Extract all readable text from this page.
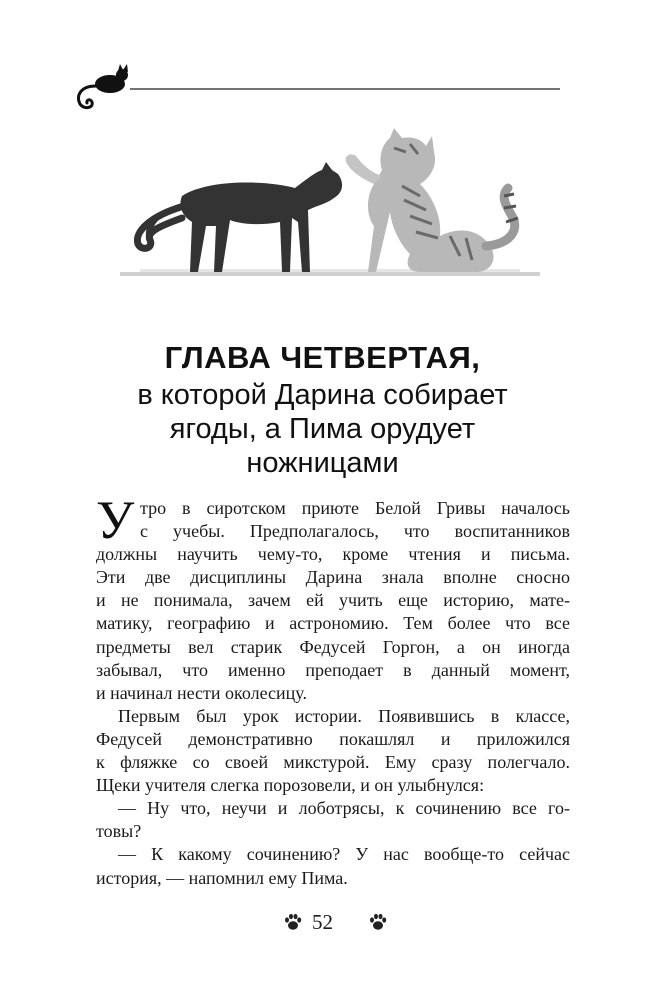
ГЛАВА ЧЕТВЕРТАЯ,
в которой Дарина собирает
ягоды, а Пима орудует
ножницами
У тро в сиротском приюте Белой Гривы началось
с учебы. Предполагалось, что воспитанников
должны научить чему-то, кроме чтения и письма.
Эти две дисциплины Дарина знала вполне сносно
и не понимала, зачем ей учить еще историю, мате-
матику, географию и астрономию. Тем более что все
предметы вел старик Федусей Горгон, а он иногда
забывал, что именно преподает в данный момент,
и начинал нести околесицу.
Первым был урок истории. Появившись в классе,
Федусей демонстративно покашлял и приложился
к фляжке со своей микстурой. Ему сразу полегчало.
Щеки учителя слегка порозовели, и он улыбнулся:
— Ну что, неучи и лоботрясы, к сочинению все го-
товы?
— К какому сочинению? У нас вообще-то сейчас
история, — напомнил ему Пима.
52
